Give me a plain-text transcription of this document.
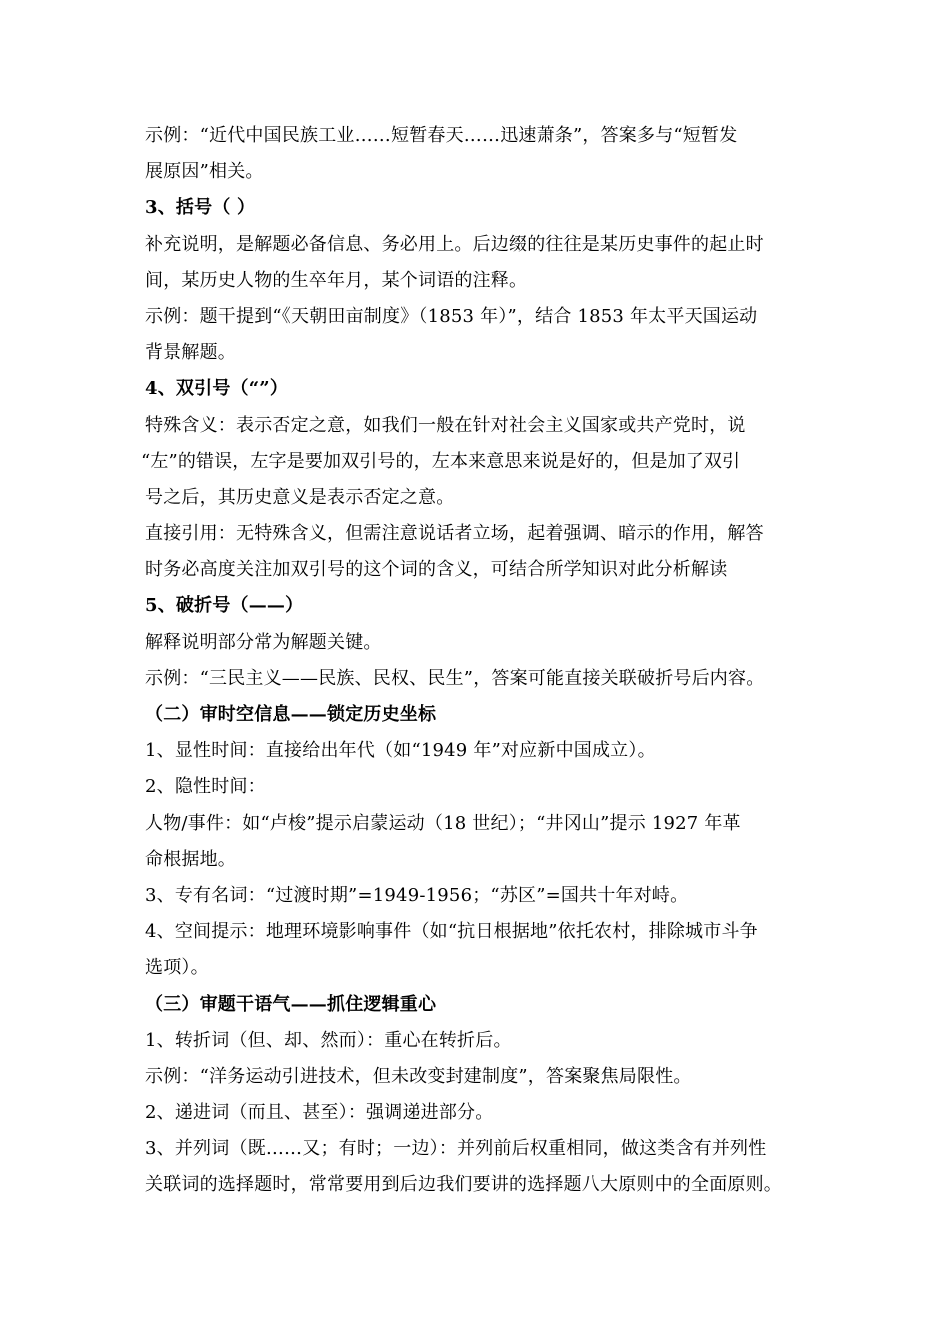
示例：“近代中国民族工业……短暂春天……迅速萧条”，答案多与“短暂发
展原因”相关。
3、括号（ ）
补充说明，是解题必备信息、务必用上。后边缀的往往是某历史事件的起止时
间，某历史人物的生卒年月，某个词语的注释。
示例：题干提到“《天朝田亩制度》（1853 年）”，结合 1853 年太平天国运动
背景解题。
4、双引号（“”）
特殊含义：表示否定之意，如我们一般在针对社会主义国家或共产党时，说
“左”的错误，左字是要加双引号的，左本来意思来说是好的，但是加了双引
号之后，其历史意义是表示否定之意。
直接引用：无特殊含义，但需注意说话者立场，起着强调、暗示的作用，解答
时务必高度关注加双引号的这个词的含义，可结合所学知识对此分析解读
5、破折号（——）
解释说明部分常为解题关键。
示例：“三民主义——民族、民权、民生”，答案可能直接关联破折号后内容。
（二）审时空信息——锁定历史坐标
1、显性时间：直接给出年代（如“1949 年”对应新中国成立）。
2、隐性时间：
人物/事件：如“卢梭”提示启蒙运动（18 世纪）；“井冈山”提示 1927 年革
命根据地。
3、专有名词：“过渡时期”=1949-1956；“苏区”=国共十年对峙。
4、空间提示：地理环境影响事件（如“抗日根据地”依托农村，排除城市斗争
选项）。
（三）审题干语气——抓住逻辑重心
1、转折词（但、却、然而）：重心在转折后。
示例：“洋务运动引进技术，但未改变封建制度”，答案聚焦局限性。
2、递进词（而且、甚至）：强调递进部分。
3、并列词（既……又；有时；一边）：并列前后权重相同，做这类含有并列性
关联词的选择题时，常常要用到后边我们要讲的选择题八大原则中的全面原则。
